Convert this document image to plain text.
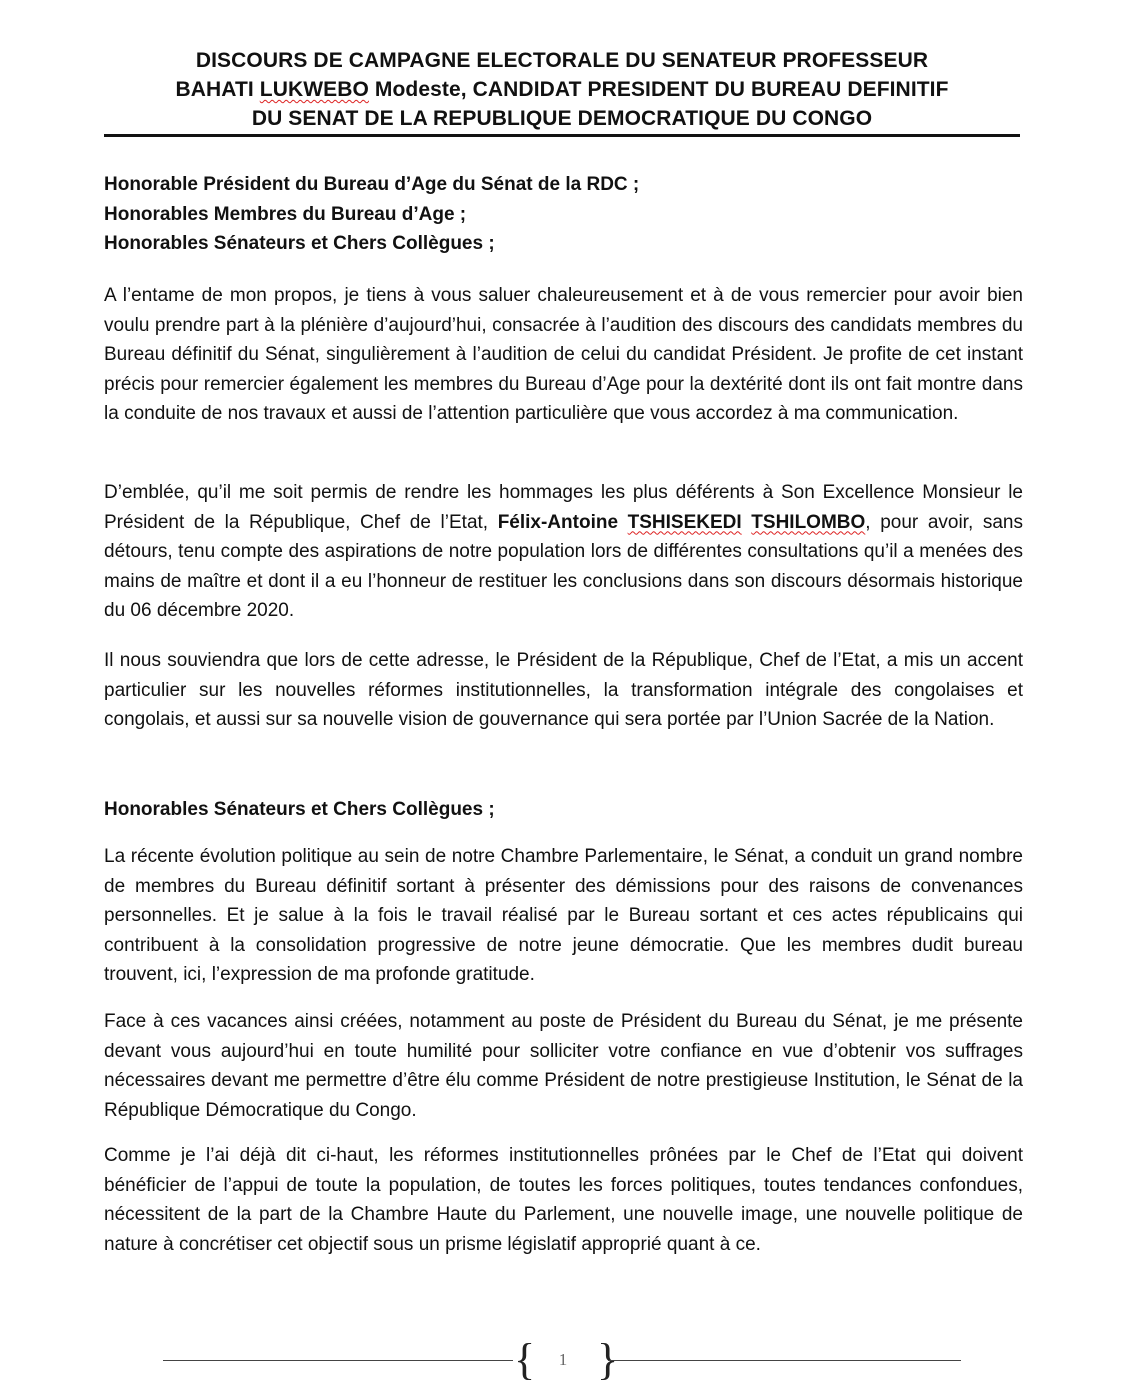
DISCOURS DE CAMPAGNE ELECTORALE DU SENATEUR PROFESSEUR
BAHATI LUKWEBO Modeste, CANDIDAT PRESIDENT DU BUREAU DEFINITIF
DU SENAT DE LA REPUBLIQUE DEMOCRATIQUE DU CONGO
Honorable Président du Bureau d’Age du Sénat de la RDC ;
Honorables Membres du Bureau d’Age ;
Honorables Sénateurs et Chers Collègues ;
A l’entame de mon propos, je tiens à vous saluer chaleureusement et à de vous remercier pour avoir bien voulu prendre part à la plénière d’aujourd’hui, consacrée à l’audition des discours des candidats membres du Bureau définitif du Sénat, singulièrement à l’audition de celui du candidat Président. Je profite de cet instant précis pour remercier également les membres du Bureau d’Age pour la dextérité dont ils ont fait montre dans la conduite de nos travaux et aussi de l’attention particulière que vous accordez à ma communication.
D’emblée, qu’il me soit permis de rendre les hommages les plus déférents à Son Excellence Monsieur le Président de la République, Chef de l’Etat, Félix-Antoine TSHISEKEDI TSHILOMBO, pour avoir, sans détours, tenu compte des aspirations de notre population lors de différentes consultations qu’il a menées des mains de maître et dont il a eu l’honneur de restituer les conclusions dans son discours désormais historique du 06 décembre 2020.
Il nous souviendra que lors de cette adresse, le Président de la République, Chef de l’Etat, a mis un accent particulier sur les nouvelles réformes institutionnelles, la transformation intégrale des congolaises et congolais, et aussi sur sa nouvelle vision de gouvernance qui sera portée par l’Union Sacrée de la Nation.
Honorables Sénateurs et Chers Collègues ;
La récente évolution politique au sein de notre Chambre Parlementaire, le Sénat, a conduit un grand nombre de membres du Bureau définitif sortant à présenter des démissions pour des raisons de convenances personnelles. Et je salue à la fois le travail réalisé par le Bureau sortant et ces actes républicains qui contribuent à la consolidation progressive de notre jeune démocratie. Que les membres dudit bureau trouvent, ici, l’expression de ma profonde gratitude.
Face à ces vacances ainsi créées, notamment au poste de Président du Bureau du Sénat, je me présente devant vous aujourd’hui en toute humilité pour solliciter votre confiance en vue d’obtenir vos suffrages nécessaires devant me permettre d’être élu comme Président de notre prestigieuse Institution, le Sénat de la République Démocratique du Congo.
Comme je l’ai déjà dit ci-haut, les réformes institutionnelles prônées par le Chef de l’Etat qui doivent bénéficier de l’appui de toute la population, de toutes les forces politiques, toutes tendances confondues, nécessitent de la part de la Chambre Haute du Parlement, une nouvelle image, une nouvelle politique de nature à concrétiser cet objectif sous un prisme législatif approprié quant à ce.
{	1 }
